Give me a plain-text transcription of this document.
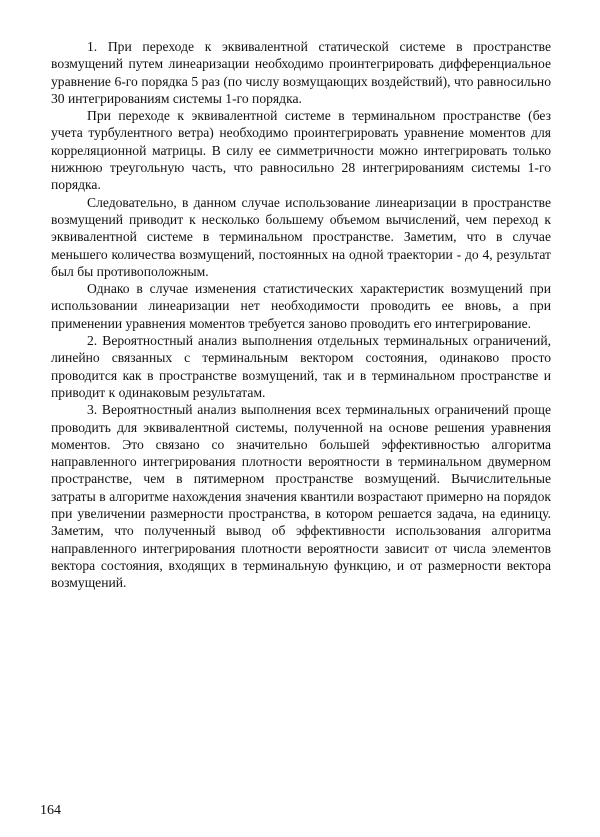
1. При переходе к эквивалентной статической системе в пространстве возмущений путем линеаризации необходимо проинтегрировать дифференциальное уравнение 6-го порядка 5 раз (по числу возмущающих воздействий), что равносильно 30 интегрированиям системы 1-го порядка.

При переходе к эквивалентной системе в терминальном пространстве (без учета турбулентного ветра) необходимо проинтегрировать уравнение моментов для корреляционной матрицы. В силу ее симметричности можно интегрировать только нижнюю треугольную часть, что равносильно 28 интегрированиям системы 1-го порядка.

Следовательно, в данном случае использование линеаризации в пространстве возмущений приводит к несколько большему объемом вычислений, чем переход к эквивалентной системе в терминальном пространстве. Заметим, что в случае меньшего количества возмущений, постоянных на одной траектории - до 4, результат был бы противоположным.

Однако в случае изменения статистических характеристик возмущений при использовании линеаризации нет необходимости проводить ее вновь, а при применении уравнения моментов требуется заново проводить его интегрирование.

2. Вероятностный анализ выполнения отдельных терминальных ограничений, линейно связанных с терминальным вектором состояния, одинаково просто проводится как в пространстве возмущений, так и в терминальном пространстве и приводит к одинаковым результатам.

3. Вероятностный анализ выполнения всех терминальных ограничений проще проводить для эквивалентной системы, полученной на основе решения уравнения моментов. Это связано со значительно большей эффективностью алгоритма направленного интегрирования плотности вероятности в терминальном двумерном пространстве, чем в пятимерном пространстве возмущений. Вычислительные затраты в алгоритме нахождения значения квантили возрастают примерно на порядок при увеличении размерности пространства, в котором решается задача, на единицу. Заметим, что полученный вывод об эффективности использования алгоритма направленного интегрирования плотности вероятности зависит от числа элементов вектора состояния, входящих в терминальную функцию, и от размерности вектора возмущений.

164
